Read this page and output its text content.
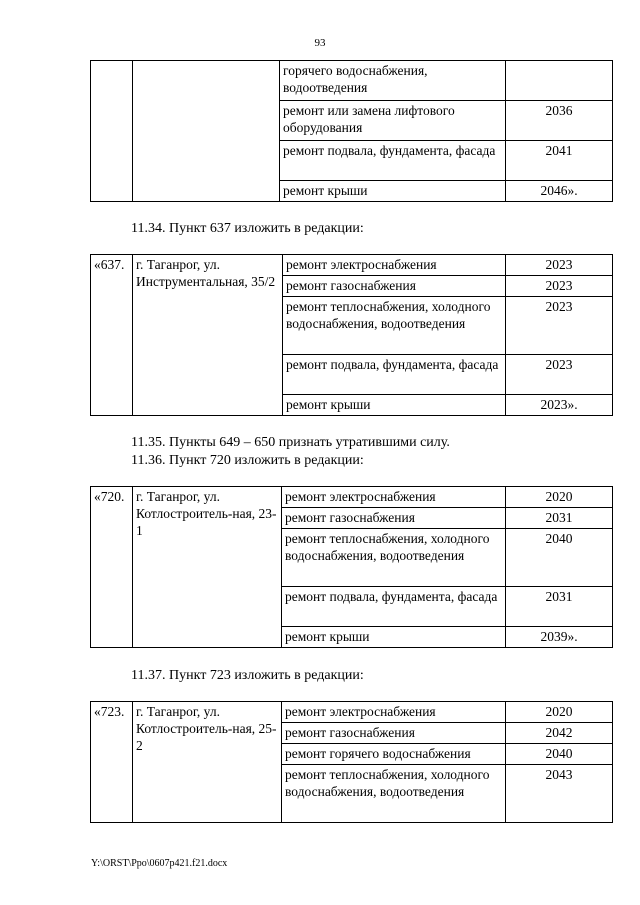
93
		горячего водоснабжения, водоотведения	
		ремонт или замена лифтового оборудования	2036
		ремонт подвала, фундамента, фасада	2041
		ремонт крыши	2046».
11.34. Пункт 637 изложить в редакции:
«637.	г. Таганрог, ул. Инструментальная, 35/2	ремонт электроснабжения	2023
		ремонт газоснабжения	2023
		ремонт теплоснабжения, холодного водоснабжения, водоотведения	2023
		ремонт подвала, фундамента, фасада	2023
		ремонт крыши	2023».
11.35. Пункты 649 – 650 признать утратившими силу.
11.36. Пункт 720 изложить в редакции:
«720.	г. Таганрог, ул. Котлостроитель-ная, 23-1	ремонт электроснабжения	2020
		ремонт газоснабжения	2031
		ремонт теплоснабжения, холодного водоснабжения, водоотведения	2040
		ремонт подвала, фундамента, фасада	2031
		ремонт крыши	2039».
11.37. Пункт 723 изложить в редакции:
«723.	г. Таганрог, ул. Котлостроитель-ная, 25-2	ремонт электроснабжения	2020
		ремонт газоснабжения	2042
		ремонт горячего водоснабжения	2040
		ремонт теплоснабжения, холодного водоснабжения, водоотведения	2043
Y:\ORST\Ppo\0607p421.f21.docx
